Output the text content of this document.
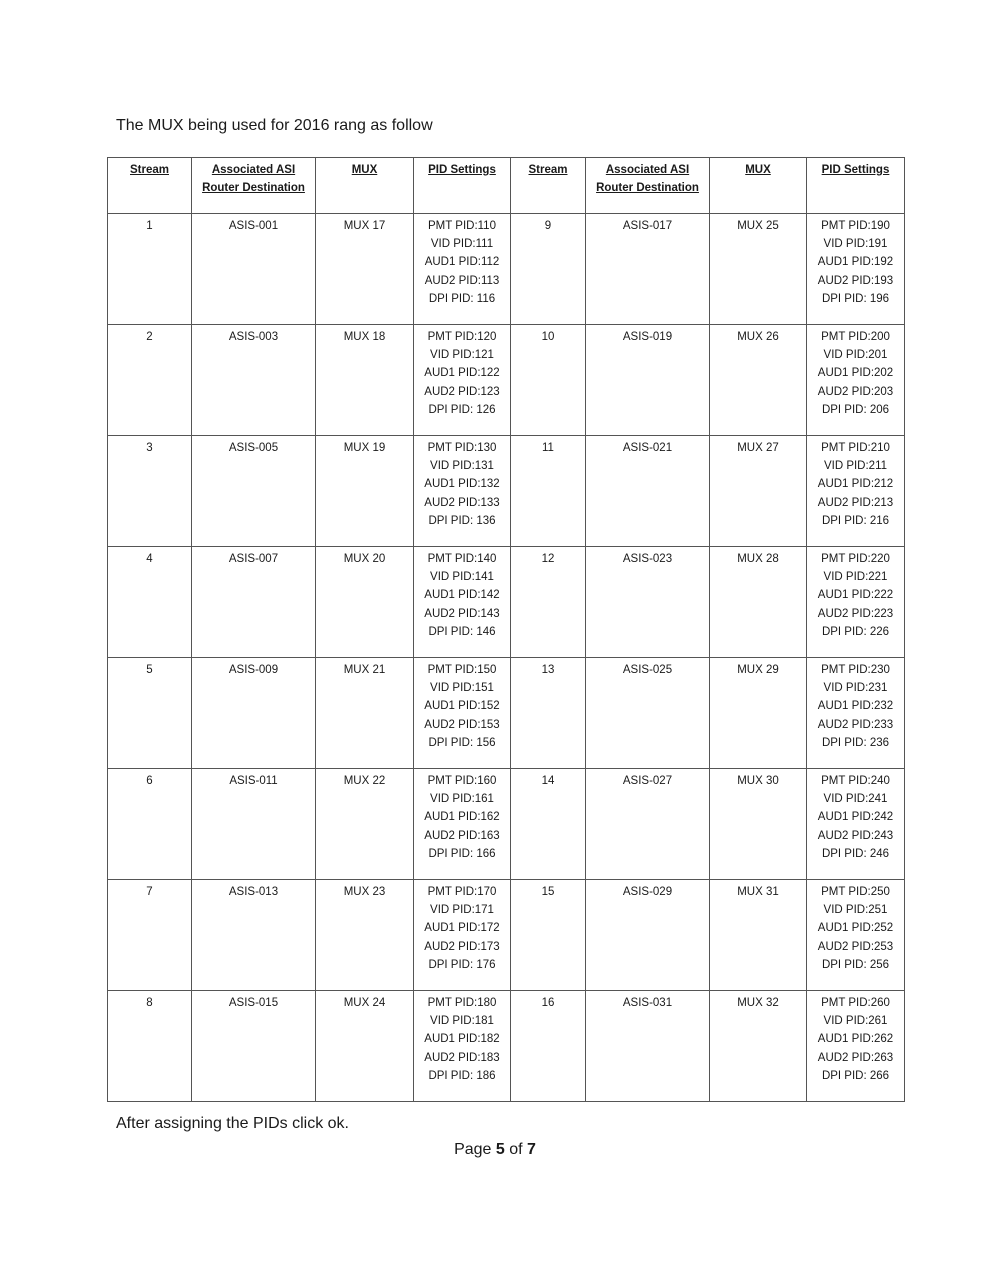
The MUX being used for 2016 rang as follow
Stream	Associated ASI
Router Destination	MUX	PID Settings	Stream	Associated ASI
Router Destination	MUX	PID Settings
1	ASIS-001	MUX 17	PMT PID:110
VID PID:111
AUD1 PID:112
AUD2 PID:113
DPI PID: 116	9	ASIS-017	MUX 25	PMT PID:190
VID PID:191
AUD1 PID:192
AUD2 PID:193
DPI PID: 196

2	ASIS-003	MUX 18	PMT PID:120
VID PID:121
AUD1 PID:122
AUD2 PID:123
DPI PID: 126	10	ASIS-019	MUX 26	PMT PID:200
VID PID:201
AUD1 PID:202
AUD2 PID:203
DPI PID: 206

3	ASIS-005	MUX 19	PMT PID:130
VID PID:131
AUD1 PID:132
AUD2 PID:133
DPI PID: 136	11	ASIS-021	MUX 27	PMT PID:210
VID PID:211
AUD1 PID:212
AUD2 PID:213
DPI PID: 216

4	ASIS-007	MUX 20	PMT PID:140
VID PID:141
AUD1 PID:142
AUD2 PID:143
DPI PID: 146	12	ASIS-023	MUX 28	PMT PID:220
VID PID:221
AUD1 PID:222
AUD2 PID:223
DPI PID: 226

5	ASIS-009	MUX 21	PMT PID:150
VID PID:151
AUD1 PID:152
AUD2 PID:153
DPI PID: 156	13	ASIS-025	MUX 29	PMT PID:230
VID PID:231
AUD1 PID:232
AUD2 PID:233
DPI PID: 236

6	ASIS-011	MUX 22	PMT PID:160
VID PID:161
AUD1 PID:162
AUD2 PID:163
DPI PID: 166	14	ASIS-027	MUX 30	PMT PID:240
VID PID:241
AUD1 PID:242
AUD2 PID:243
DPI PID: 246

7	ASIS-013	MUX 23	PMT PID:170
VID PID:171
AUD1 PID:172
AUD2 PID:173
DPI PID: 176	15	ASIS-029	MUX 31	PMT PID:250
VID PID:251
AUD1 PID:252
AUD2 PID:253
DPI PID: 256

8	ASIS-015	MUX 24	PMT PID:180
VID PID:181
AUD1 PID:182
AUD2 PID:183
DPI PID: 186	16	ASIS-031	MUX 32	PMT PID:260
VID PID:261
AUD1 PID:262
AUD2 PID:263
DPI PID: 266
After assigning the PIDs click ok.
Page 5 of 7
